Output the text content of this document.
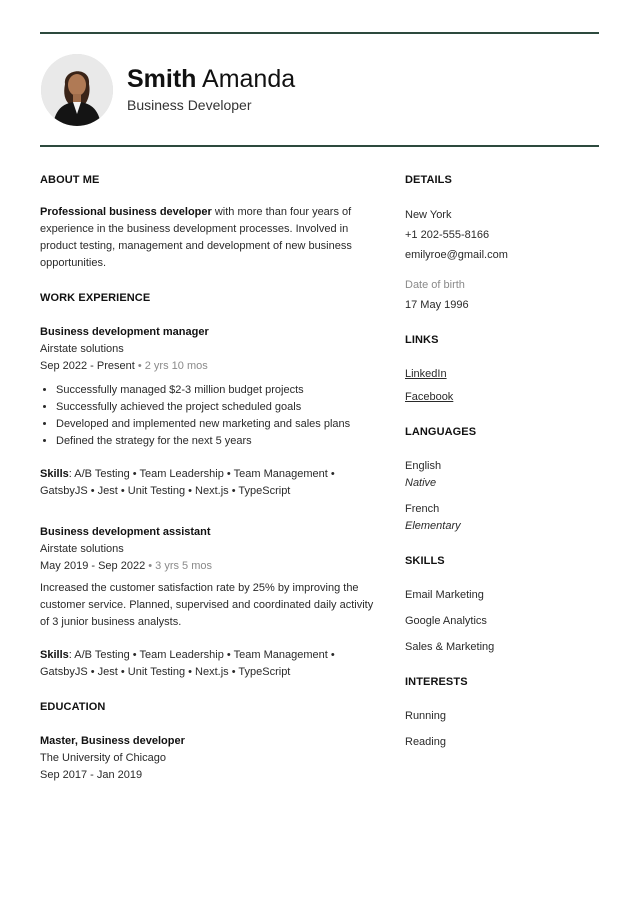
Smith Amanda
Business Developer
ABOUT ME
Professional business developer with more than four years of experience in the business development processes. Involved in product testing, management and development of new business opportunities.
WORK EXPERIENCE
Business development manager
Airstate solutions
Sep 2022 - Present • 2 yrs 10 mos
• Successfully managed $2-3 million budget projects
• Successfully achieved the project scheduled goals
• Developed and implemented new marketing and sales plans
• Defined the strategy for the next 5 years
Skills: A/B Testing • Team Leadership • Team Management • GatsbyJS • Jest • Unit Testing • Next.js • TypeScript
Business development assistant
Airstate solutions
May 2019 - Sep 2022 • 3 yrs 5 mos
Increased the customer satisfaction rate by 25% by improving the customer service. Planned, supervised and coordinated daily activity of 3 junior business analysts.
Skills: A/B Testing • Team Leadership • Team Management • GatsbyJS • Jest • Unit Testing • Next.js • TypeScript
EDUCATION
Master, Business developer
The University of Chicago
Sep 2017 - Jan 2019
DETAILS
New York
+1 202-555-8166
emilyroe@gmail.com
Date of birth
17 May 1996
LINKS
LinkedIn
Facebook
LANGUAGES
English
Native
French
Elementary
SKILLS
Email Marketing
Google Analytics
Sales & Marketing
INTERESTS
Running
Reading
